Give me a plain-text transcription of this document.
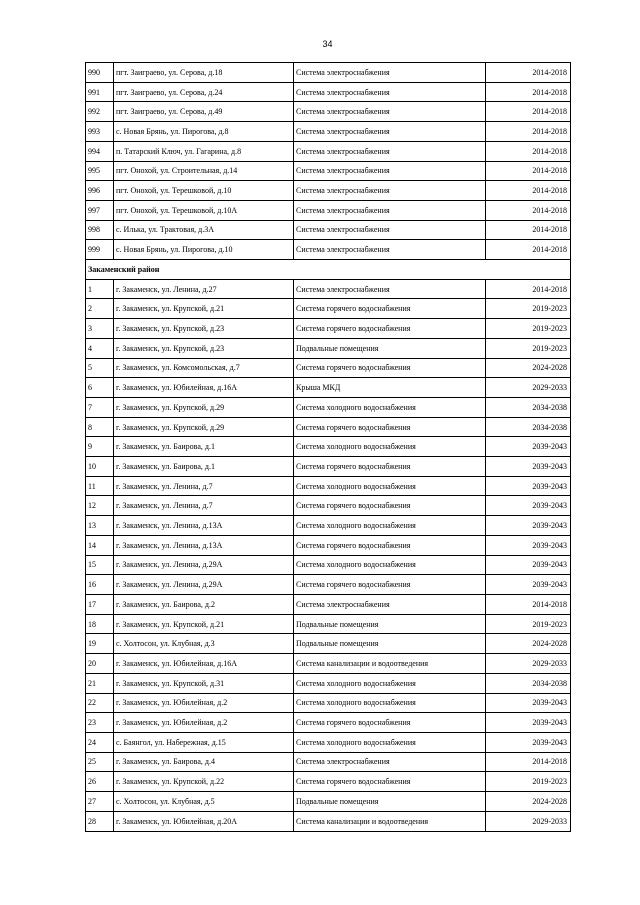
34
990	пгт. Заиграево, ул. Серова, д.18	Система электроснабжения	2014-2018
991	пгт. Заиграево, ул. Серова, д.24	Система электроснабжения	2014-2018
992	пгт. Заиграево, ул. Серова, д.49	Система электроснабжения	2014-2018
993	с. Новая Брянь, ул. Пирогова, д.8	Система электроснабжения	2014-2018
994	п. Татарский Ключ, ул. Гагарина, д.8	Система электроснабжения	2014-2018
995	пгт. Онохой, ул. Строительная, д.14	Система электроснабжения	2014-2018
996	пгт. Онохой, ул. Терешковой, д.10	Система электроснабжения	2014-2018
997	пгт. Онохой, ул. Терешковой, д.10А	Система электроснабжения	2014-2018
998	с. Илька, ул. Трактовая, д.3А	Система электроснабжения	2014-2018
999	с. Новая Брянь, ул. Пирогова, д.10	Система электроснабжения	2014-2018
Закаменский район			
1	г. Закаменск, ул. Ленина, д.27	Система электроснабжения	2014-2018
2	г. Закаменск, ул. Крупской, д.21	Система горячего водоснабжения	2019-2023
3	г. Закаменск, ул. Крупской, д.23	Система горячего водоснабжения	2019-2023
4	г. Закаменск, ул. Крупской, д.23	Подвальные помещения	2019-2023
5	г. Закаменск, ул. Комсомольская, д.7	Система горячего водоснабжения	2024-2028
6	г. Закаменск, ул. Юбилейная, д.16А	Крыша МКД	2029-2033
7	г. Закаменск, ул. Крупской, д.29	Система холодного водоснабжения	2034-2038
8	г. Закаменск, ул. Крупской, д.29	Система горячего водоснабжения	2034-2038
9	г. Закаменск, ул. Баирова, д.1	Система холодного водоснабжения	2039-2043
10	г. Закаменск, ул. Баирова, д.1	Система горячего водоснабжения	2039-2043
11	г. Закаменск, ул. Ленина, д.7	Система холодного водоснабжения	2039-2043
12	г. Закаменск, ул. Ленина, д.7	Система горячего водоснабжения	2039-2043
13	г. Закаменск, ул. Ленина, д.13А	Система холодного водоснабжения	2039-2043
14	г. Закаменск, ул. Ленина, д.13А	Система горячего водоснабжения	2039-2043
15	г. Закаменск, ул. Ленина, д.29А	Система холодного водоснабжения	2039-2043
16	г. Закаменск, ул. Ленина, д.29А	Система горячего водоснабжения	2039-2043
17	г. Закаменск, ул. Баирова, д.2	Система электроснабжения	2014-2018
18	г. Закаменск, ул. Крупской, д.21	Подвальные помещения	2019-2023
19	с. Холтосон, ул. Клубная, д.3	Подвальные помещения	2024-2028
20	г. Закаменск, ул. Юбилейная, д.16А	Система канализации и водоотведения	2029-2033
21	г. Закаменск, ул. Крупской, д.31	Система холодного водоснабжения	2034-2038
22	г. Закаменск, ул. Юбилейная, д.2	Система холодного водоснабжения	2039-2043
23	г. Закаменск, ул. Юбилейная, д.2	Система горячего водоснабжения	2039-2043
24	с. Баянгол, ул. Набережная, д.15	Система холодного водоснабжения	2039-2043
25	г. Закаменск, ул. Баирова, д.4	Система электроснабжения	2014-2018
26	г. Закаменск, ул. Крупской, д.22	Система горячего водоснабжения	2019-2023
27	с. Холтосон, ул. Клубная, д.5	Подвальные помещения	2024-2028
28	г. Закаменск, ул. Юбилейная, д.20А	Система канализации и водоотведения	2029-2033
